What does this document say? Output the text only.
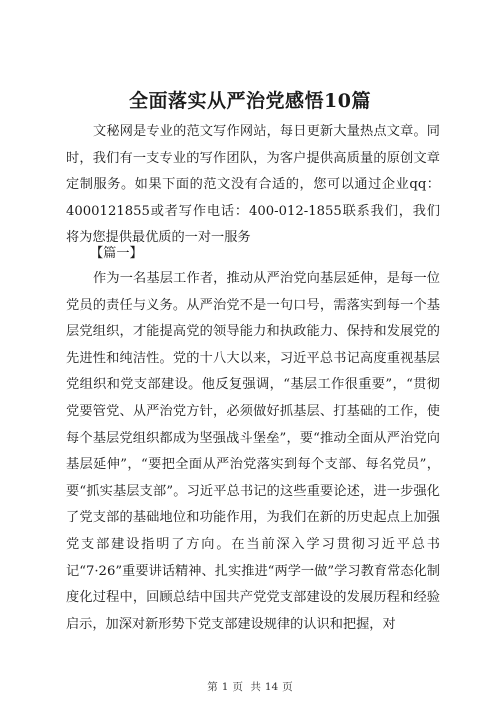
全面落实从严治党感悟10篇
文秘网是专业的范文写作网站，每日更新大量热点文章。同时，我们有一支专业的写作团队，为客户提供高质量的原创文章定制服务。如果下面的范文没有合适的，您可以通过企业qq：4000121855或者写作电话：400-012-1855联系我们，我们将为您提供最优质的一对一服务
【篇一】
作为一名基层工作者，推动从严治党向基层延伸，是每一位党员的责任与义务。从严治党不是一句口号，需落实到每一个基层党组织，才能提高党的领导能力和执政能力、保持和发展党的先进性和纯洁性。党的十八大以来，习近平总书记高度重视基层党组织和党支部建设。他反复强调，“基层工作很重要”，“贯彻党要管党、从严治党方针，必须做好抓基层、打基础的工作，使每个基层党组织都成为坚强战斗堡垒”，要“推动全面从严治党向基层延伸”，“要把全面从严治党落实到每个支部、每名党员”，要“抓实基层支部”。习近平总书记的这些重要论述，进一步强化了党支部的基础地位和功能作用，为我们在新的历史起点上加强党支部建设指明了方向。在当前深入学习贯彻习近平总书记“7·26”重要讲话精神、扎实推进“两学一做”学习教育常态化制度化过程中，回顾总结中国共产党党支部建设的发展历程和经验启示，加深对新形势下党支部建设规律的认识和把握，对
第 1 页 共 14 页
